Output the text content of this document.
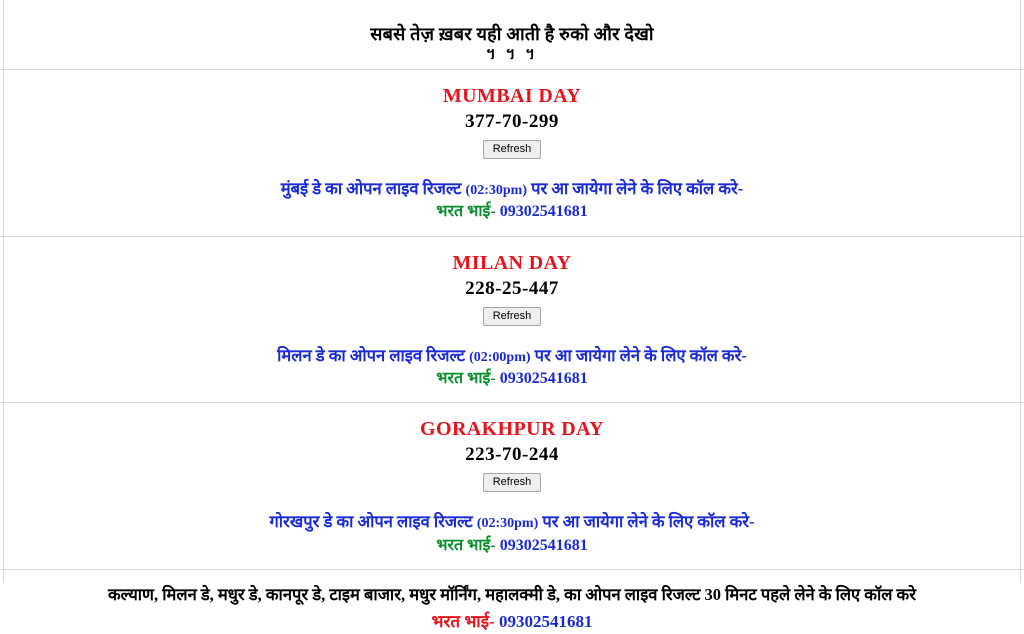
सबसे तेज़ ख़बर यही आती है रुको और देखो
។ ។ ។
MUMBAI DAY
377-70-299
Refresh
मुंबई डे का ओपन लाइव रिजल्ट (02:30pm) पर आ जायेगा लेने के लिए कॉल करे-
भरत भाई- 09302541681
MILAN DAY
228-25-447
Refresh
मिलन डे का ओपन लाइव रिजल्ट (02:00pm) पर आ जायेगा लेने के लिए कॉल करे-
भरत भाई- 09302541681
GORAKHPUR DAY
223-70-244
Refresh
गोरखपुर डे का ओपन लाइव रिजल्ट (02:30pm) पर आ जायेगा लेने के लिए कॉल करे-
भरत भाई- 09302541681
कल्याण, मिलन डे, मधुर डे, कानपूर डे, टाइम बाजार, मधुर मॉर्निंग, महालक्मी डे, का ओपन लाइव रिजल्ट 30 मिनट पहले लेने के लिए कॉल करे
भरत भाई- 09302541681
